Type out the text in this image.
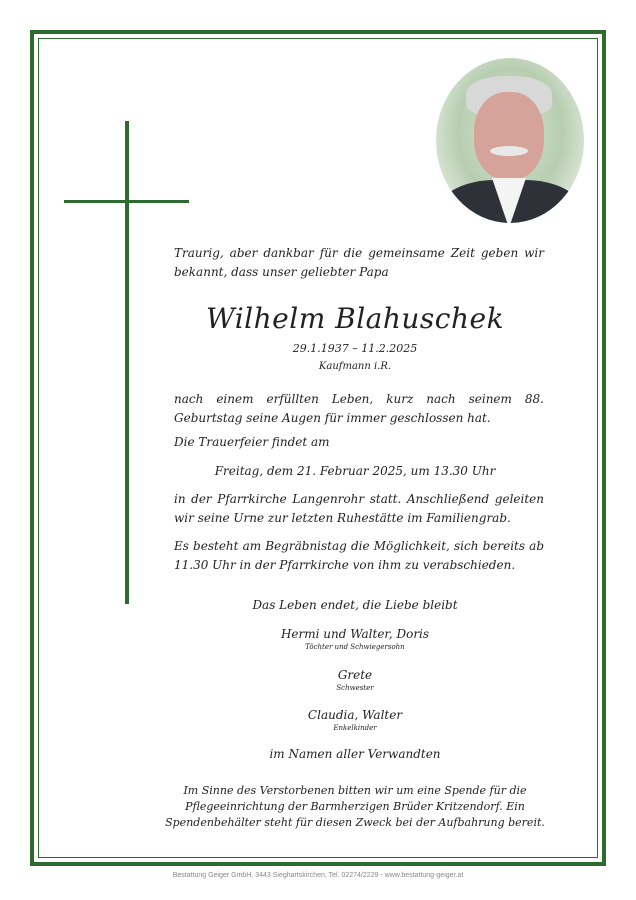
Traurig, aber dankbar für die gemeinsame Zeit geben wir bekannt, dass unser geliebter Papa
Wilhelm Blahuschek
29.1.1937 – 11.2.2025
Kaufmann i.R.
nach einem erfüllten Leben, kurz nach seinem 88. Geburtstag seine Augen für immer geschlossen hat.
Die Trauerfeier findet am
Freitag, dem 21. Februar 2025, um 13.30 Uhr
in der Pfarrkirche Langenrohr statt. Anschließend geleiten wir seine Urne zur letzten Ruhestätte im Familiengrab.
Es besteht am Begräbnistag die Möglichkeit, sich bereits ab 11.30 Uhr in der Pfarrkirche von ihm zu verabschieden.
Das Leben endet, die Liebe bleibt
Hermi und Walter, Doris
Töchter und Schwiegersohn
Grete
Schwester
Claudia, Walter
Enkelkinder
im Namen aller Verwandten
Im Sinne des Verstorbenen bitten wir um eine Spende für die Pflegeeinrichtung der Barmherzigen Brüder Kritzendorf. Ein Spendenbehälter steht für diesen Zweck bei der Aufbahrung bereit.
Bestattung Geiger GmbH, 3443 Sieghartskirchen, Tel. 02274/2229 - www.bestattung-geiger.at
